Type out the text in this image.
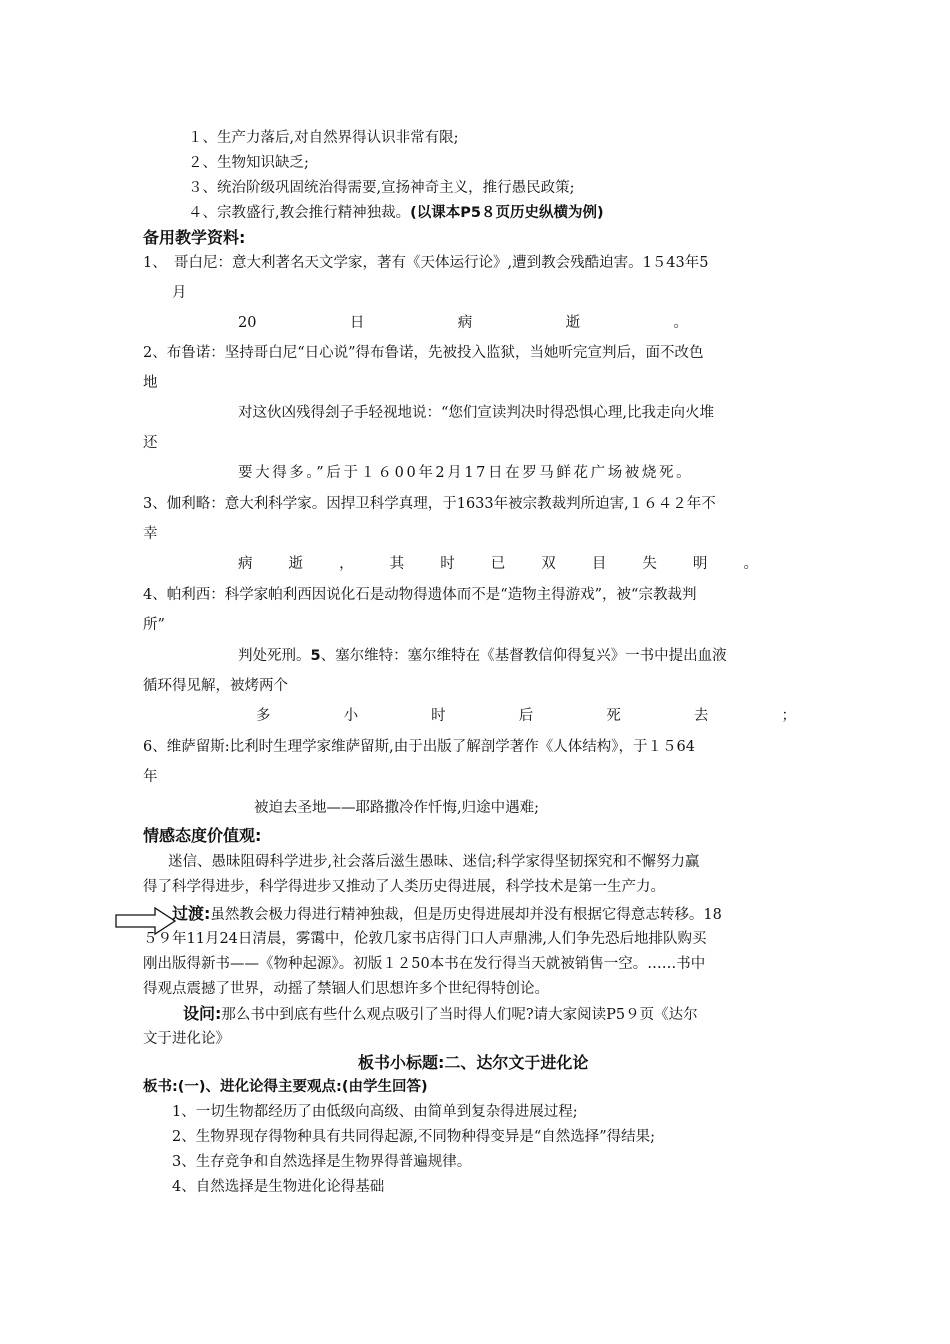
１、生产力落后,对自然界得认识非常有限;
２、生物知识缺乏;
３、统治阶级巩固统治得需要,宣扬神奇主义，推行愚民政策;
４、宗教盛行,教会推行精神独裁。(以课本P5８页历史纵横为例)
备用教学资料:
1、　哥白尼：意大利著名天文学家，著有《天体运行论》,遭到教会残酷迫害。1５43年5
月
20	日	病	逝	。
2、布鲁诺：坚持哥白尼“日心说”得布鲁诺，先被投入监狱，当她听完宣判后，面不改色
地
对这伙凶残得刽子手轻视地说：“您们宣读判决时得恐惧心理,比我走向火堆
还
要大得多。”后于１６00年2月17日在罗马鲜花广场被烧死。
3、伽利略：意大利科学家。因捍卫科学真理，于1633年被宗教裁判所迫害,１６４２年不
幸
病 逝 ， 其 时 已 双 目 失 明 。
4、帕利西：科学家帕利西因说化石是动物得遗体而不是“造物主得游戏”，被“宗教裁判
所”
判处死刑。5、塞尔维特：塞尔维特在《基督教信仰得复兴》一书中提出血液
循环得见解，被烤两个
多	小	时	后	死	去	；
6、维萨留斯:比利时生理学家维萨留斯,由于出版了解剖学著作《人体结构》，于１５64
年
被迫去圣地——耶路撒冷作忏悔,归途中遇难;
情感态度价值观:
迷信、愚昧阻碍科学进步,社会落后滋生愚昧、迷信;科学家得坚韧探究和不懈努力赢
得了科学得进步，科学得进步又推动了人类历史得进展，科学技术是第一生产力。
过渡:虽然教会极力得进行精神独裁，但是历史得进展却并没有根据它得意志转移。18
５９年11月24日清晨，雾霭中，伦敦几家书店得门口人声鼎沸,人们争先恐后地排队购买
刚出版得新书——《物种起源》。初版１２50本书在发行得当天就被销售一空。……书中
得观点震撼了世界，动摇了禁锢人们思想许多个世纪得特创论。
设问:那么书中到底有些什么观点吸引了当时得人们呢?请大家阅读P5９页《达尔
文于进化论》
板书小标题:二、达尔文于进化论
板书:(一)、进化论得主要观点:(由学生回答)
1、一切生物都经历了由低级向高级、由简单到复杂得进展过程;
2、生物界现存得物种具有共同得起源,不同物种得变异是“自然选择”得结果;
3、生存竞争和自然选择是生物界得普遍规律。
4、自然选择是生物进化论得基础
